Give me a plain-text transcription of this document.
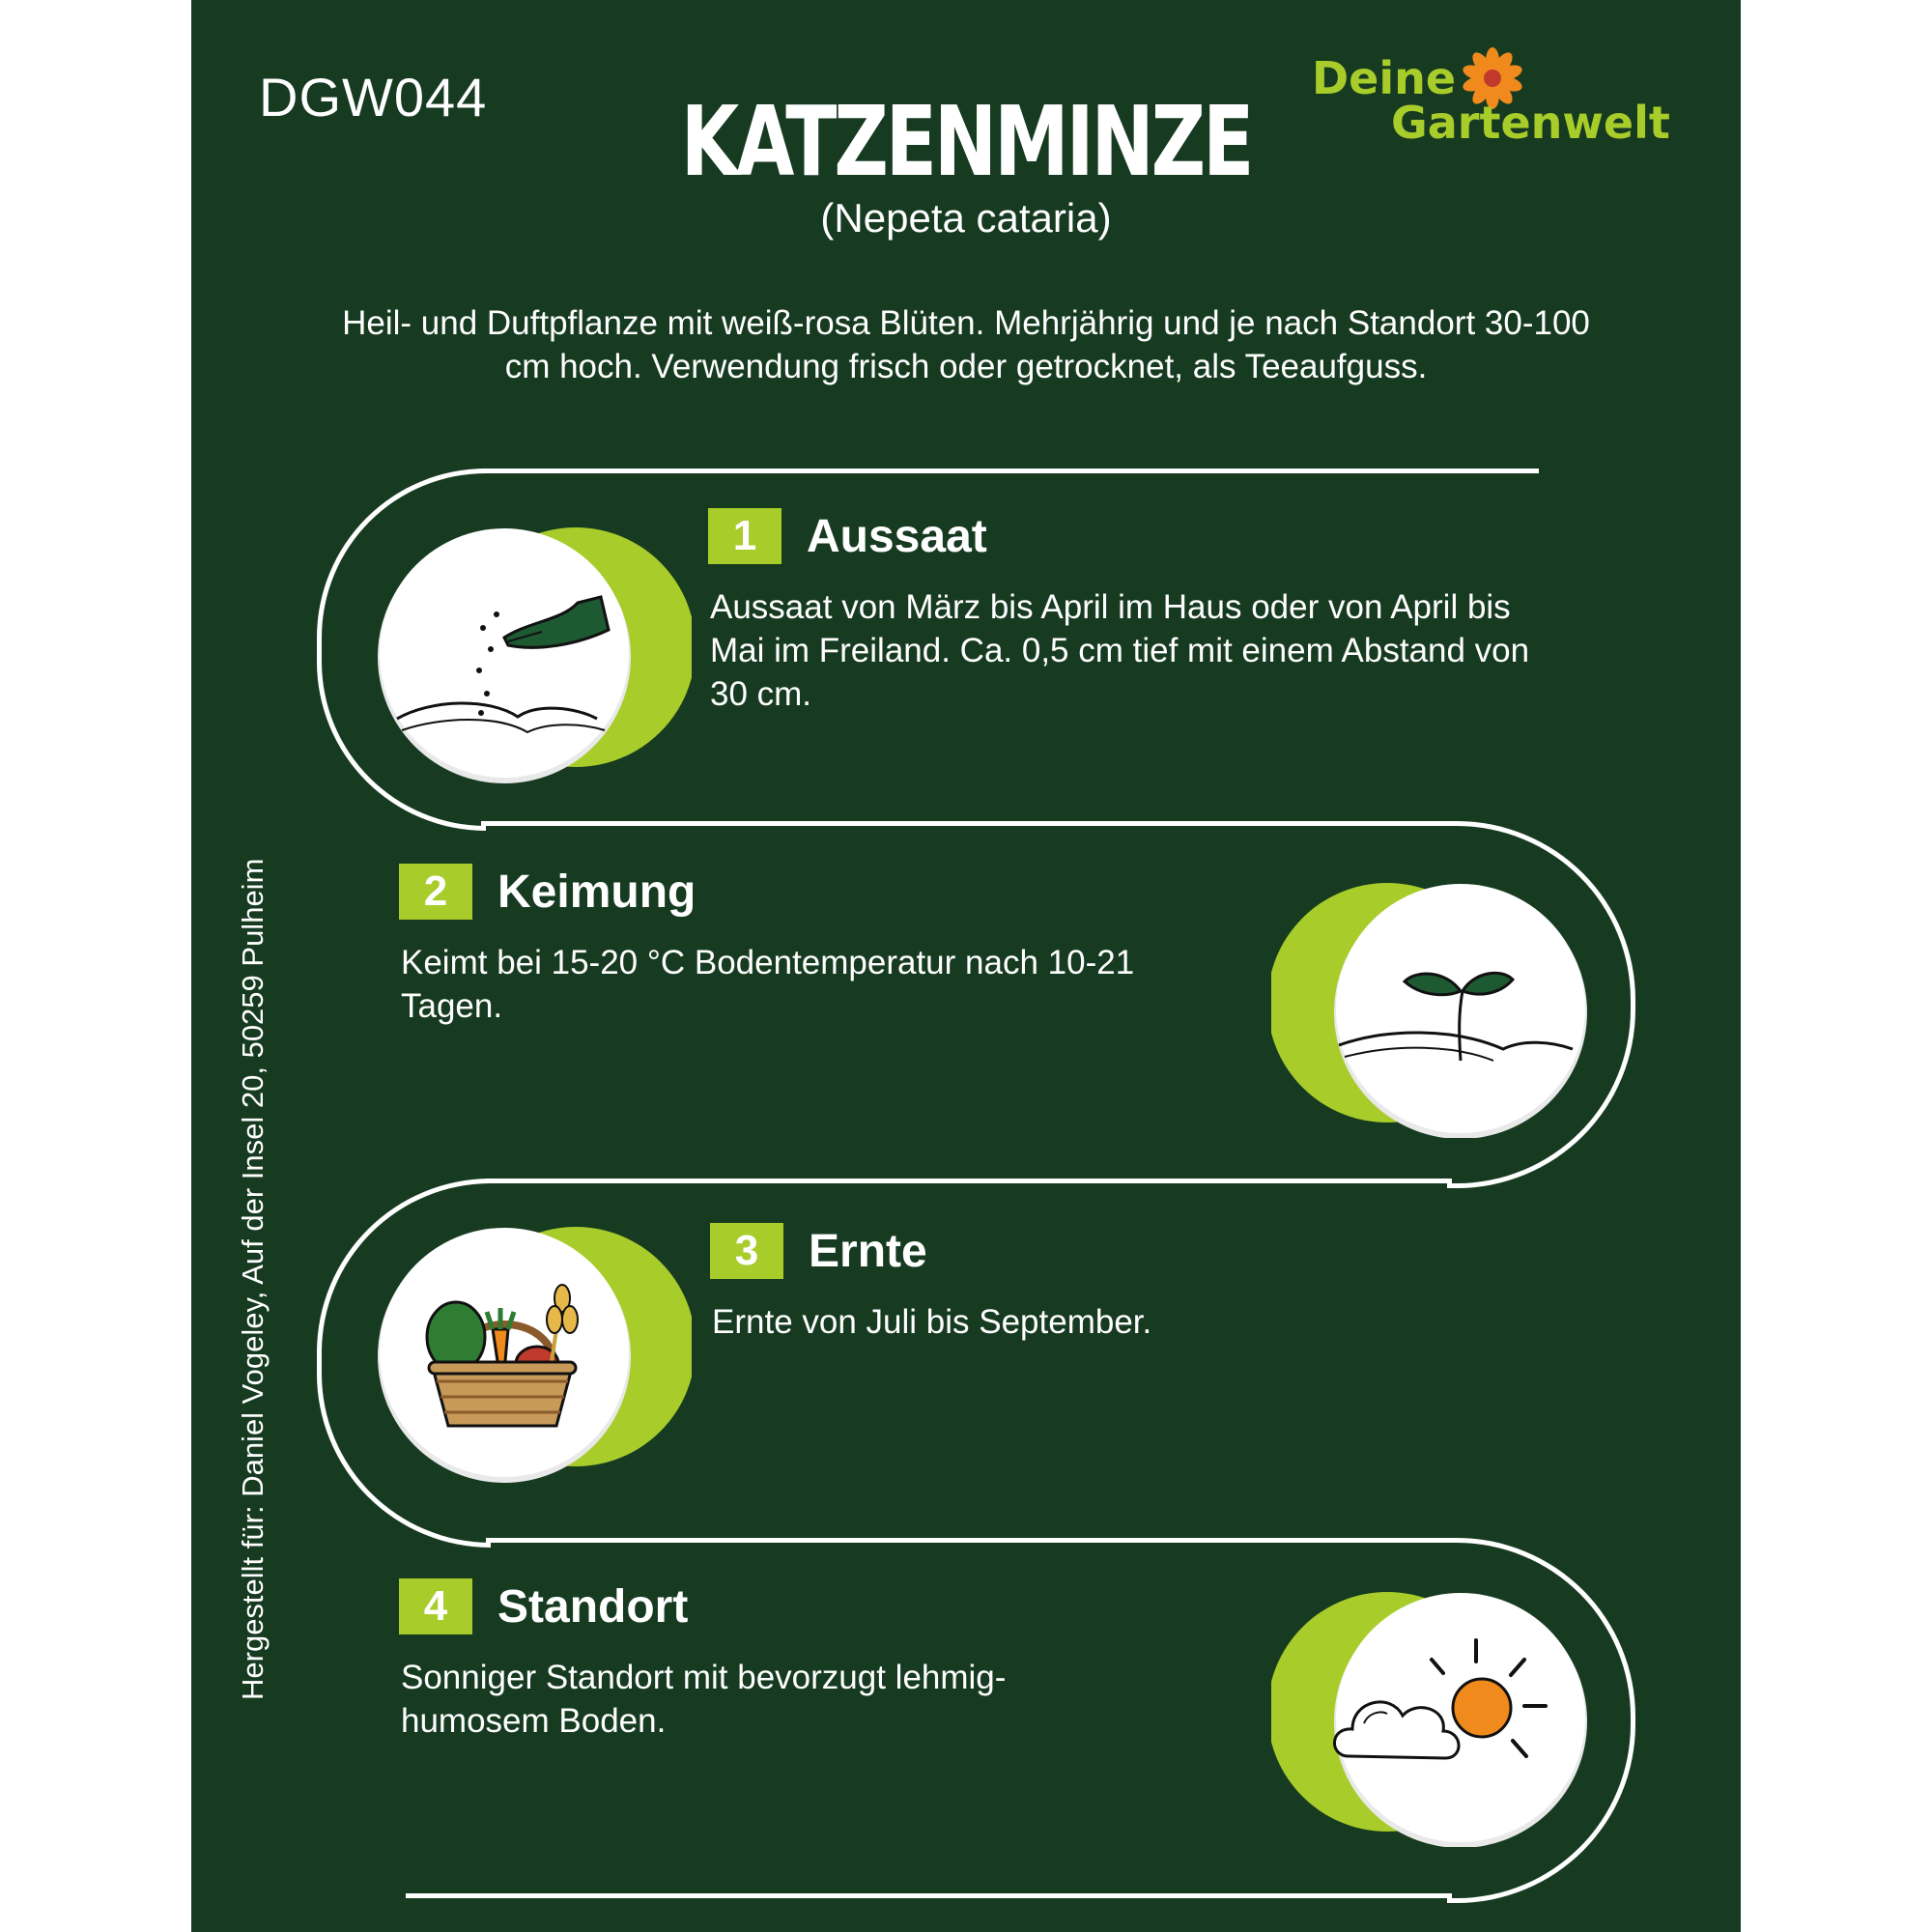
DGW044	Deine
Gartenwelt
KATZENMINZE
(Nepeta cataria)
Heil- und Duftpflanze mit weiß-rosa Blüten. Mehrjährig und je nach Standort 30-100 cm hoch. Verwendung frisch oder getrocknet, als Teeaufguss.
Hergestellt für: Daniel Vogeley, Auf der Insel 20, 50259 Pulheim
1	Aussaat
Aussaat von März bis April im Haus oder von April bis Mai im Freiland. Ca. 0,5 cm tief mit einem Abstand von 30 cm.
2	Keimung
Keimt bei 15-20 °C Bodentemperatur nach 10-21 Tagen.
3	Ernte
Ernte von Juli bis September.
4	Standort
Sonniger Standort mit bevorzugt lehmig-humosem Boden.
